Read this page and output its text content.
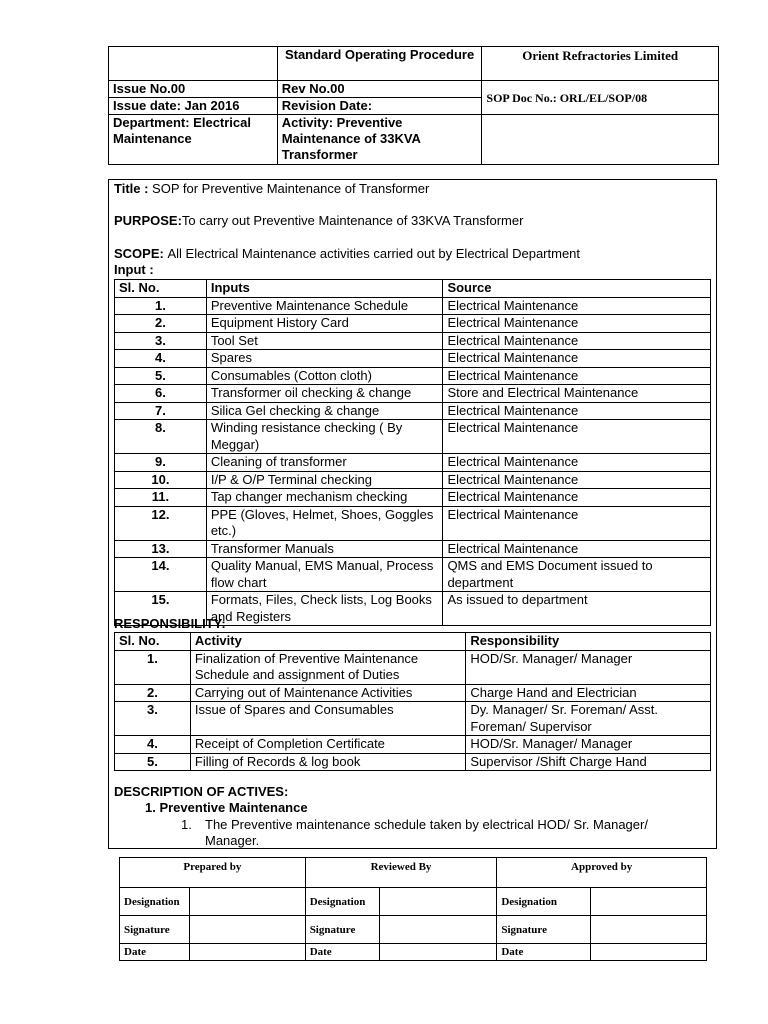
	Standard Operating Procedure	Orient Refractories Limited
Issue No.00	Rev No.00	SOP Doc No.: ORL/EL/SOP/08
Issue date: Jan 2016	Revision Date:	
Department: Electrical Maintenance	Activity: Preventive Maintenance of 33KVA Transformer	
Title : SOP for Preventive Maintenance of Transformer
PURPOSE:To carry out Preventive Maintenance of 33KVA Transformer
SCOPE: All Electrical Maintenance activities carried out by Electrical Department
Input :
Sl. No.	Inputs	Source
1.	Preventive Maintenance Schedule	Electrical Maintenance
2.	Equipment History Card	Electrical Maintenance
3.	Tool Set	Electrical Maintenance
4.	Spares	Electrical Maintenance
5.	Consumables (Cotton cloth)	Electrical Maintenance
6.	Transformer oil checking & change	Store and Electrical Maintenance
7.	Silica Gel checking & change	Electrical Maintenance
8.	Winding resistance checking ( By Meggar)	Electrical Maintenance
9.	Cleaning of transformer	Electrical Maintenance
10.	I/P & O/P Terminal checking	Electrical Maintenance
11.	Tap changer mechanism checking	Electrical Maintenance
12.	PPE (Gloves, Helmet, Shoes, Goggles etc.)	Electrical Maintenance
13.	Transformer Manuals	Electrical Maintenance
14.	Quality Manual, EMS Manual, Process flow chart	QMS and EMS Document issued to department
15.	Formats, Files, Check lists, Log Books and Registers	As issued to department
RESPONSIBILITY:
Sl. No.	Activity	Responsibility
1.	Finalization of Preventive Maintenance Schedule and assignment of Duties	HOD/Sr. Manager/ Manager
2.	Carrying out of Maintenance Activities	Charge Hand and Electrician
3.	Issue of Spares and Consumables	Dy. Manager/ Sr. Foreman/ Asst. Foreman/ Supervisor
4.	Receipt of Completion Certificate	HOD/Sr. Manager/ Manager
5.	Filling of Records & log book	Supervisor /Shift Charge Hand
DESCRIPTION OF ACTIVES:
1. Preventive Maintenance
1. The Preventive maintenance schedule taken by electrical HOD/ Sr. Manager/
Manager.
Prepared by		Reviewed By		Approved by	
Designation		Designation		Designation	
Signature		Signature		Signature	
Date		Date		Date	
